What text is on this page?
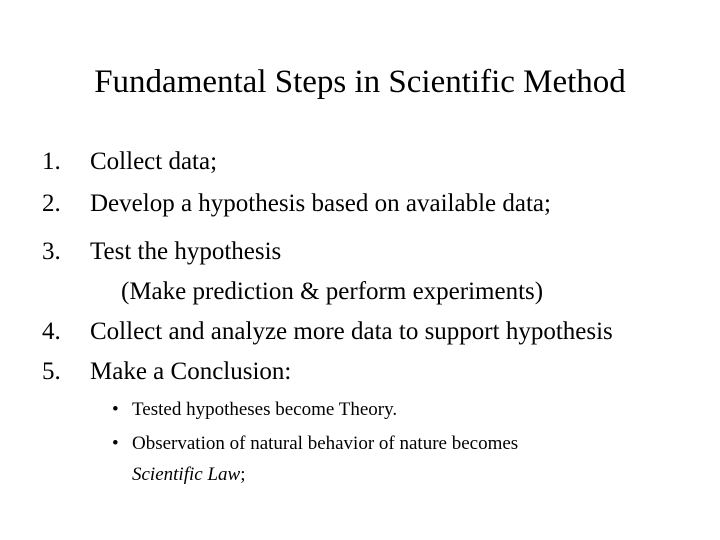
Fundamental Steps in Scientific Method
1. Collect data;
2. Develop a hypothesis based on available data;
3. Test the hypothesis
(Make prediction & perform experiments)
4. Collect and analyze more data to support hypothesis
5. Make a Conclusion:
• Tested hypotheses become Theory.
• Observation of natural behavior of nature becomes
Scientific Law;
